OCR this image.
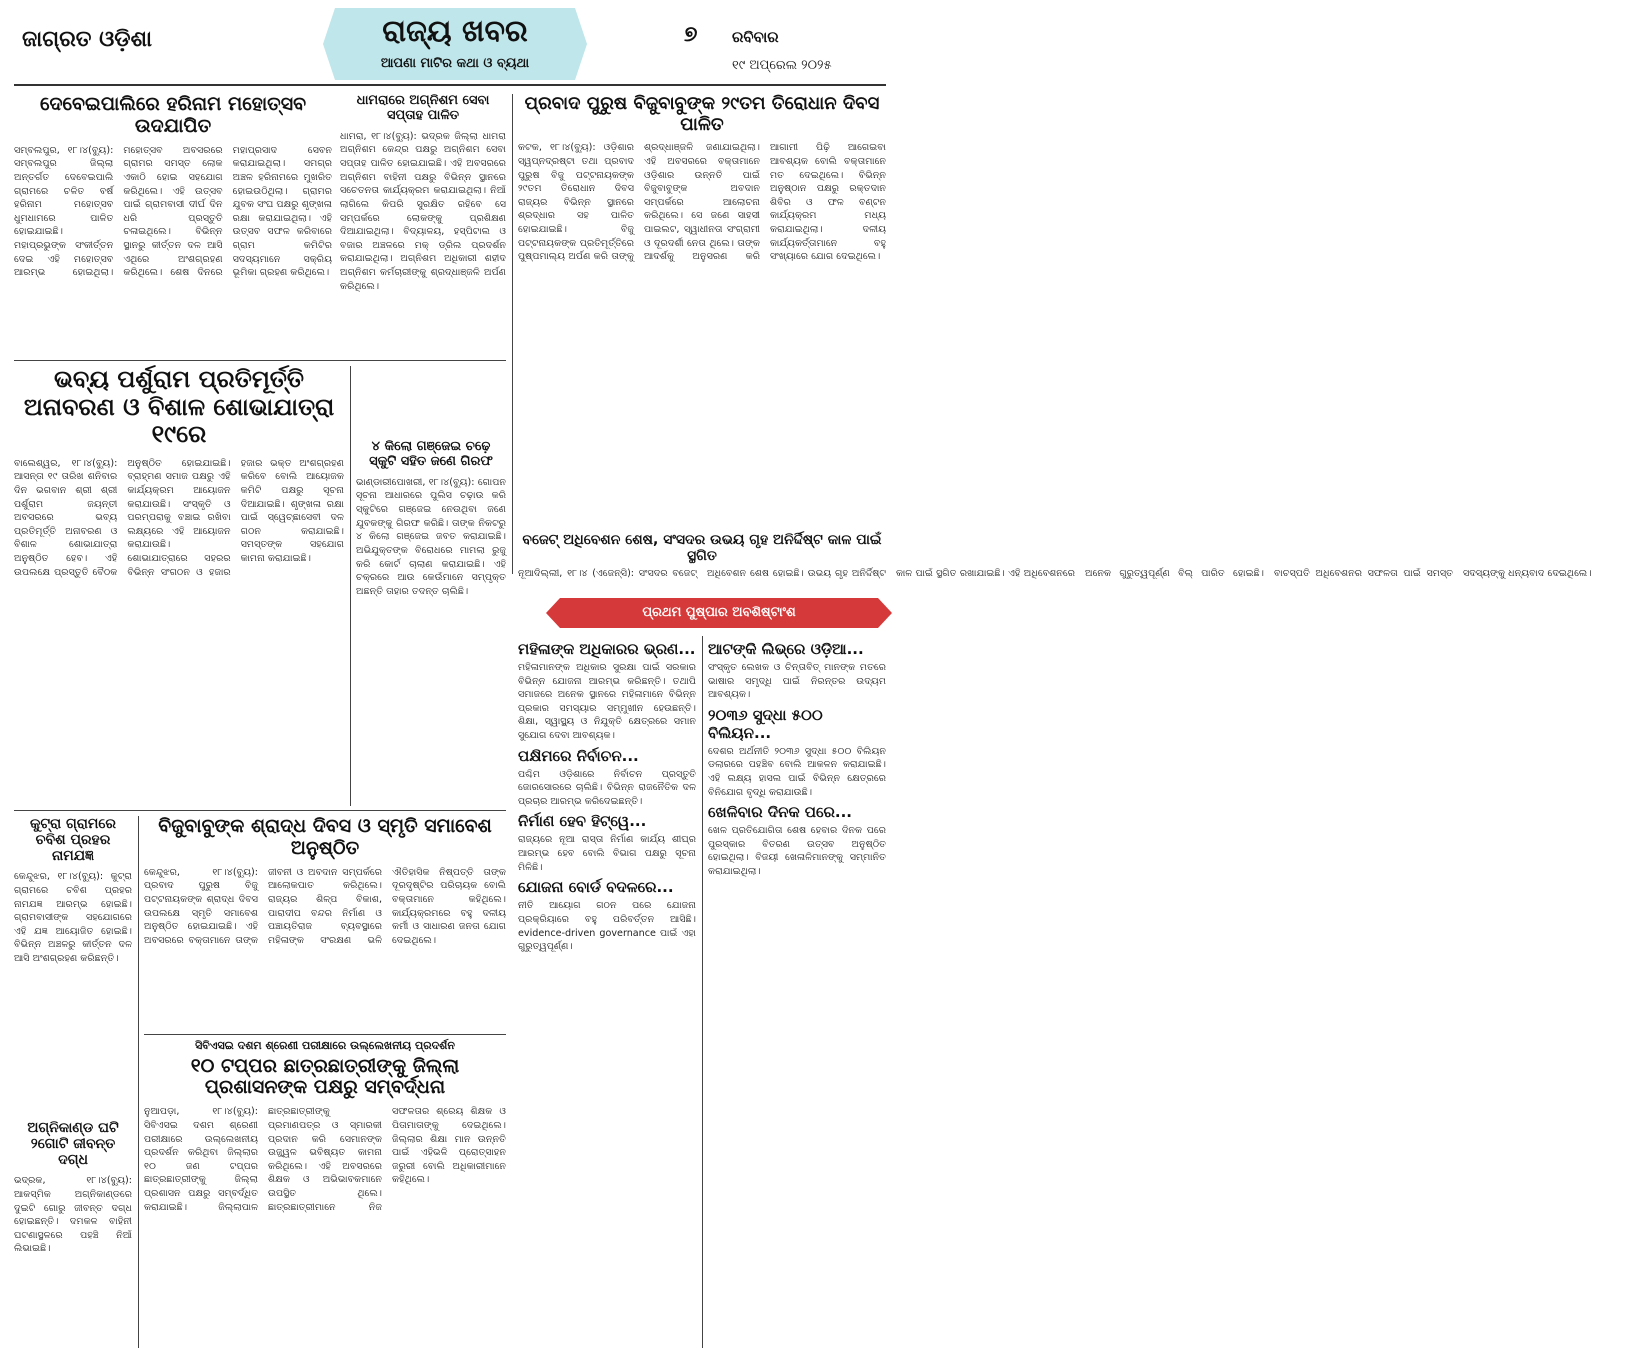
ଜାଗ୍ରତ ଓଡ଼ିଶା	ରାଜ୍ୟ ଖବର
ଆପଣା ମାଟିର କଥା ଓ ବ୍ୟଥା
୭ ରବିବାର
୧୯ ଅପ୍ରେଲ ୨୦୨୫
ଦେବେଇପାଲିରେ ହରିନାମ ମହୋତ୍ସବ ଉଦଯାପିତ
ସମ୍ବଲପୁର, ୧୮।୪(ବ୍ୟୁ): ସମ୍ବଲପୁର ଜିଲ୍ଲା ଅନ୍ତର୍ଗତ ଦେବେଇପାଲି ଗ୍ରାମରେ ଚଳିତ ବର୍ଷ ହରିନାମ ମହୋତ୍ସବ ଧୁମଧାମରେ ପାଳିତ ହୋଇଯାଇଛି। ମହାପ୍ରଭୁଙ୍କ ସଂକୀର୍ତ୍ତନ ଦେଇ ଏହି ମହୋତ୍ସବ ଆରମ୍ଭ ହୋଇଥିଲା। ମହୋତ୍ସବ ଅବସରରେ ଗ୍ରାମର ସମସ୍ତ ଲୋକ ଏକାଠି ହୋଇ ସହଯୋଗ କରିଥିଲେ। ଏହି ଉତ୍ସବ ପାଇଁ ଗ୍ରାମବାସୀ ଦୀର୍ଘ ଦିନ ଧରି ପ୍ରସ୍ତୁତି ଚଳାଇଥିଲେ। ବିଭିନ୍ନ ସ୍ଥାନରୁ କୀର୍ତ୍ତନ ଦଳ ଆସି ଏଥିରେ ଅଂଶଗ୍ରହଣ କରିଥିଲେ। ଶେଷ ଦିନରେ ମହାପ୍ରସାଦ ସେବନ କରାଯାଇଥିଲା। ସମଗ୍ର ଅଞ୍ଚଳ ହରିନାମରେ ମୁଖରିତ ହୋଇଉଠିଥିଲା। ଗ୍ରାମର ଯୁବକ ସଂଘ ପକ୍ଷରୁ ଶୃଙ୍ଖଳା ରକ୍ଷା କରାଯାଇଥିଲା। ଏହି ଉତ୍ସବ ସଫଳ କରିବାରେ ଗ୍ରାମ କମିଟିର ସଦସ୍ୟମାନେ ସକ୍ରିୟ ଭୂମିକା ଗ୍ରହଣ କରିଥିଲେ।
ଧାମରାରେ ଅଗ୍ନିଶମ ସେବା ସପ୍ତାହ ପାଳିତ
ଧାମରା, ୧୮।୪(ବ୍ୟୁ): ଭଦ୍ରକ ଜିଲ୍ଲା ଧାମରା ଅଗ୍ନିଶମ କେନ୍ଦ୍ର ପକ୍ଷରୁ ଅଗ୍ନିଶମ ସେବା ସପ୍ତାହ ପାଳିତ ହୋଇଯାଇଛି। ଏହି ଅବସରରେ ଅଗ୍ନିଶମ ବାହିନୀ ପକ୍ଷରୁ ବିଭିନ୍ନ ସ୍ଥାନରେ ସଚେତନତା କାର୍ଯ୍ୟକ୍ରମ କରାଯାଇଥିଲା। ନିଆଁ ଲାଗିଲେ କିପରି ସୁରକ୍ଷିତ ରହିବେ ସେ ସମ୍ପର୍କରେ ଲୋକଙ୍କୁ ପ୍ରଶିକ୍ଷଣ ଦିଆଯାଇଥିଲା। ବିଦ୍ୟାଳୟ, ହସ୍ପିଟାଲ ଓ ବଜାର ଅଞ୍ଚଳରେ ମକ୍ ଡ୍ରିଲ ପ୍ରଦର୍ଶନ କରାଯାଇଥିଲା। ଅଗ୍ନିଶମ ଅଧିକାରୀ ଶହୀଦ ଅଗ୍ନିଶମ କର୍ମଚାରୀଙ୍କୁ ଶ୍ରଦ୍ଧାଞ୍ଜଳି ଅର୍ପଣ କରିଥିଲେ।
ପ୍ରବାଦ ପୁରୁଷ ବିଜୁବାବୁଙ୍କ ୨୯ତମ ତିରୋଧାନ ଦିବସ ପାଳିତ
କଟକ, ୧୮।୪(ବ୍ୟୁ): ଓଡ଼ିଶାର ସ୍ୱପ୍ନଦ୍ରଷ୍ଟା ତଥା ପ୍ରବାଦ ପୁରୁଷ ବିଜୁ ପଟ୍ଟନାୟକଙ୍କ ୨୯ତମ ତିରୋଧାନ ଦିବସ ରାଜ୍ୟର ବିଭିନ୍ନ ସ୍ଥାନରେ ଶ୍ରଦ୍ଧାର ସହ ପାଳିତ ହୋଇଯାଇଛି। ବିଜୁ ପଟ୍ଟନାୟକଙ୍କ ପ୍ରତିମୂର୍ତ୍ତିରେ ପୁଷ୍ପମାଲ୍ୟ ଅର୍ପଣ କରି ତାଙ୍କୁ ଶ୍ରଦ୍ଧାଞ୍ଜଳି ଜଣାଯାଇଥିଲା। ଏହି ଅବସରରେ ବକ୍ତାମାନେ ଓଡ଼ିଶାର ଉନ୍ନତି ପାଇଁ ବିଜୁବାବୁଙ୍କ ଅବଦାନ ସମ୍ପର୍କରେ ଆଲୋଚନା କରିଥିଲେ। ସେ ଜଣେ ସାହସୀ ପାଇଲଟ, ସ୍ୱାଧୀନତା ସଂଗ୍ରାମୀ ଓ ଦୂରଦର୍ଶୀ ନେତା ଥିଲେ। ତାଙ୍କ ଆଦର୍ଶକୁ ଅନୁସରଣ କରି ଆଗାମୀ ପିଢ଼ି ଆଗେଇବା ଆବଶ୍ୟକ ବୋଲି ବକ୍ତାମାନେ ମତ ଦେଇଥିଲେ। ବିଭିନ୍ନ ଅନୁଷ୍ଠାନ ପକ୍ଷରୁ ରକ୍ତଦାନ ଶିବିର ଓ ଫଳ ବଣ୍ଟନ କାର୍ଯ୍ୟକ୍ରମ ମଧ୍ୟ କରାଯାଇଥିଲା। ଦଳୀୟ କାର୍ଯ୍ୟକର୍ତ୍ତାମାନେ ବହୁ ସଂଖ୍ୟାରେ ଯୋଗ ଦେଇଥିଲେ।
ଭବ୍ୟ ପର୍ଶୁରାମ ପ୍ରତିମୂର୍ତ୍ତି ଅନାବରଣ ଓ ବିଶାଳ ଶୋଭାଯାତ୍ରା ୧୯ରେ
ବାଲେଶ୍ୱର, ୧୮।୪(ବ୍ୟୁ): ଆସନ୍ତା ୧୯ ତାରିଖ ଶନିବାର ଦିନ ଭଗବାନ ଶ୍ରୀ ଶ୍ରୀ ପର୍ଶୁରାମ ଜୟନ୍ତୀ ଅବସରରେ ଭବ୍ୟ ପ୍ରତିମୂର୍ତ୍ତି ଅନାବରଣ ଓ ବିଶାଳ ଶୋଭାଯାତ୍ରା ଅନୁଷ୍ଠିତ ହେବ। ଏହି ଉପଲକ୍ଷେ ପ୍ରସ୍ତୁତି ବୈଠକ ଅନୁଷ୍ଠିତ ହୋଇଯାଇଛି। ବ୍ରାହ୍ମଣ ସମାଜ ପକ୍ଷରୁ ଏହି କାର୍ଯ୍ୟକ୍ରମ ଆୟୋଜନ କରାଯାଉଛି। ସଂସ୍କୃତି ଓ ପରମ୍ପରାକୁ ବଞ୍ଚାଇ ରଖିବା ଲକ୍ଷ୍ୟରେ ଏହି ଆୟୋଜନ କରାଯାଉଛି। ଶୋଭାଯାତ୍ରାରେ ସହରର ବିଭିନ୍ନ ସଂଗଠନ ଓ ହଜାର ହଜାର ଭକ୍ତ ଅଂଶଗ୍ରହଣ କରିବେ ବୋଲି ଆୟୋଜକ କମିଟି ପକ୍ଷରୁ ସୂଚନା ଦିଆଯାଇଛି। ଶୃଙ୍ଖଳା ରକ୍ଷା ପାଇଁ ସ୍ୱେଚ୍ଛାସେବୀ ଦଳ ଗଠନ କରାଯାଇଛି। ସମସ୍ତଙ୍କ ସହଯୋଗ କାମନା କରାଯାଇଛି।
୪ କିଲୋ ଗଞ୍ଜେଇ ଚଢ଼େ ସ୍କୁଟି ସହିତ ଜଣେ ଗିରଫ
ଭାଣ୍ଡାରୀପୋଖରୀ, ୧୮।୪(ବ୍ୟୁ): ଗୋପନ ସୂଚନା ଆଧାରରେ ପୁଲିସ ଚଢ଼ାଉ କରି ସ୍କୁଟିରେ ଗଞ୍ଜେଇ ନେଉଥିବା ଜଣେ ଯୁବକଙ୍କୁ ଗିରଫ କରିଛି। ତାଙ୍କ ନିକଟରୁ ୪ କିଲୋ ଗଞ୍ଜେଇ ଜବତ କରାଯାଇଛି। ଅଭିଯୁକ୍ତଙ୍କ ବିରୋଧରେ ମାମଲା ରୁଜୁ କରି କୋର୍ଟ ଚାଲାଣ କରାଯାଇଛି। ଏହି ଚକ୍ରରେ ଆଉ କେଉଁମାନେ ସମ୍ପୃକ୍ତ ଅଛନ୍ତି ତାହାର ତଦନ୍ତ ଚାଲିଛି।
ବଜେଟ୍ ଅଧିବେଶନ ଶେଷ, ସଂସଦର ଉଭୟ ଗୃହ ଅନିର୍ଦ୍ଦିଷ୍ଟ କାଳ ପାଇଁ ସ୍ଥଗିତ
ନୂଆଦିଲ୍ଲୀ, ୧୮।୪ (ଏଜେନ୍ସି): ସଂସଦର ବଜେଟ୍ ଅଧିବେଶନ ଶେଷ ହୋଇଛି। ଉଭୟ ଗୃହ ଅନିର୍ଦ୍ଦିଷ୍ଟ କାଳ ପାଇଁ ସ୍ଥଗିତ ରଖାଯାଇଛି। ଏହି ଅଧିବେଶନରେ ଅନେକ ଗୁରୁତ୍ୱପୂର୍ଣ୍ଣ ବିଲ୍ ପାରିତ ହୋଇଛି। ବାଚସ୍ପତି ଅଧିବେଶନର ସଫଳତା ପାଇଁ ସମସ୍ତ ସଦସ୍ୟଙ୍କୁ ଧନ୍ୟବାଦ ଦେଇଥିଲେ।
ପ୍ରଥମ ପୁଷ୍ପାର ଅବଶିଷ୍ଟାଂଶ
ମହିଳାଙ୍କ ଅଧିକାରର ଭ୍ରଣ...
ମହିଳାମାନଙ୍କ ଅଧିକାର ସୁରକ୍ଷା ପାଇଁ ସରକାର ବିଭିନ୍ନ ଯୋଜନା ଆରମ୍ଭ କରିଛନ୍ତି। ତଥାପି ସମାଜରେ ଅନେକ ସ୍ଥାନରେ ମହିଳାମାନେ ବିଭିନ୍ନ ପ୍ରକାର ସମସ୍ୟାର ସମ୍ମୁଖୀନ ହେଉଛନ୍ତି। ଶିକ୍ଷା, ସ୍ୱାସ୍ଥ୍ୟ ଓ ନିଯୁକ୍ତି କ୍ଷେତ୍ରରେ ସମାନ ସୁଯୋଗ ଦେବା ଆବଶ୍ୟକ।
ପକ୍ଷିମରେ ନିର୍ବାଚନ...
ପଶ୍ଚିମ ଓଡ଼ିଶାରେ ନିର୍ବାଚନ ପ୍ରସ୍ତୁତି ଜୋରସୋରରେ ଚାଲିଛି। ବିଭିନ୍ନ ରାଜନୈତିକ ଦଳ ପ୍ରଚାର ଆରମ୍ଭ କରିଦେଇଛନ୍ତି।
ନିର୍ମାଣ ହେବ ହିଟ୍‌ୱେ...
ରାଜ୍ୟରେ ନୂଆ ରାସ୍ତା ନିର୍ମାଣ କାର୍ଯ୍ୟ ଶୀଘ୍ର ଆରମ୍ଭ ହେବ ବୋଲି ବିଭାଗ ପକ୍ଷରୁ ସୂଚନା ମିଳିଛି।
ଯୋଜନା ବୋର୍ଡ ବଦଳରେ...
ନୀତି ଆୟୋଗ ଗଠନ ପରେ ଯୋଜନା ପ୍ରକ୍ରିୟାରେ ବହୁ ପରିବର୍ତ୍ତନ ଆସିଛି। evidence-driven governance ପାଇଁ ଏହା ଗୁରୁତ୍ୱପୂର୍ଣ୍ଣ।
ଆଟଙ୍କି ଲିଭ୍‌ରେ ଓଡ଼ିଆ...
ସଂସ୍କୃତ ଲେଖକ ଓ ଚିନ୍ତାବିତ୍ ମାନଙ୍କ ମତରେ ଭାଷାର ସମୃଦ୍ଧି ପାଇଁ ନିରନ୍ତର ଉଦ୍ୟମ ଆବଶ୍ୟକ।
୨୦୩୬ ସୁଦ୍ଧା ୫୦୦ ବିଲିୟନ...
ଦେଶର ଅର୍ଥନୀତି ୨୦୩୬ ସୁଦ୍ଧା ୫୦୦ ବିଲିୟନ ଡଲାରରେ ପହଞ୍ଚିବ ବୋଲି ଆକଳନ କରାଯାଇଛି। ଏହି ଲକ୍ଷ୍ୟ ହାସଲ ପାଇଁ ବିଭିନ୍ନ କ୍ଷେତ୍ରରେ ବିନିଯୋଗ ବୃଦ୍ଧି କରାଯାଉଛି।
ଖେଳିବାର ଦିନକ ପରେ...
ଖେଳ ପ୍ରତିଯୋଗିତା ଶେଷ ହେବାର ଦିନକ ପରେ ପୁରସ୍କାର ବିତରଣ ଉତ୍ସବ ଅନୁଷ୍ଠିତ ହୋଇଥିଲା। ବିଜୟୀ ଖେଳାଳିମାନଙ୍କୁ ସମ୍ମାନିତ କରାଯାଇଥିଲା।
କୁଟ୍ରା ଗ୍ରାମରେ ଚବିଶ ପ୍ରହର ନାମଯଜ୍ଞ
କେନ୍ଦୁଝର, ୧୮।୪(ବ୍ୟୁ): କୁଟ୍ରା ଗ୍ରାମରେ ଚବିଶ ପ୍ରହର ନାମଯଜ୍ଞ ଆରମ୍ଭ ହୋଇଛି। ଗ୍ରାମବାସୀଙ୍କ ସହଯୋଗରେ ଏହି ଯଜ୍ଞ ଆୟୋଜିତ ହୋଇଛି। ବିଭିନ୍ନ ଅଞ୍ଚଳରୁ କୀର୍ତ୍ତନ ଦଳ ଆସି ଅଂଶଗ୍ରହଣ କରିଛନ୍ତି।
ଅଗ୍ନିକାଣ୍ଡ ଘଟି ୨ଗୋଟି ଜୀବନ୍ତ ଦଗ୍ଧ
ଭଦ୍ରକ, ୧୮।୪(ବ୍ୟୁ): ଆକସ୍ମିକ ଅଗ୍ନିକାଣ୍ଡରେ ଦୁଇଟି ଗୋରୁ ଜୀବନ୍ତ ଦଗ୍ଧ ହୋଇଛନ୍ତି। ଦମକଳ ବାହିନୀ ଘଟଣାସ୍ଥଳରେ ପହଞ୍ଚି ନିଆଁ ଲିଭାଇଛି।
ବିଜୁବାବୁଙ୍କ ଶ୍ରାଦ୍ଧ ଦିବସ ଓ ସ୍ମୃତି ସମାବେଶ ଅନୁଷ୍ଠିତ
କେନ୍ଦୁଝର, ୧୮।୪(ବ୍ୟୁ): ପ୍ରବାଦ ପୁରୁଷ ବିଜୁ ପଟ୍ଟନାୟକଙ୍କ ଶ୍ରାଦ୍ଧ ଦିବସ ଉପଲକ୍ଷେ ସ୍ମୃତି ସମାବେଶ ଅନୁଷ୍ଠିତ ହୋଇଯାଇଛି। ଏହି ଅବସରରେ ବକ୍ତାମାନେ ତାଙ୍କ ଜୀବନୀ ଓ ଅବଦାନ ସମ୍ପର୍କରେ ଆଲୋକପାତ କରିଥିଲେ। ରାଜ୍ୟର ଶିଳ୍ପ ବିକାଶ, ପାରାଦୀପ ବନ୍ଦର ନିର୍ମାଣ ଓ ପଞ୍ଚାୟତିରାଜ ବ୍ୟବସ୍ଥାରେ ମହିଳାଙ୍କ ସଂରକ୍ଷଣ ଭଳି ଐତିହାସିକ ନିଷ୍ପତ୍ତି ତାଙ୍କ ଦୂରଦୃଷ୍ଟିର ପରିଚାୟକ ବୋଲି ବକ୍ତାମାନେ କହିଥିଲେ। କାର୍ଯ୍ୟକ୍ରମରେ ବହୁ ଦଳୀୟ କର୍ମୀ ଓ ସାଧାରଣ ଜନତା ଯୋଗ ଦେଇଥିଲେ।
ସିବିଏସଇ ଦଶମ ଶ୍ରେଣୀ ପରୀକ୍ଷାରେ ଉଲ୍ଲେଖନୀୟ ପ୍ରଦର୍ଶନ
୧୦ ଟପ୍ପର ଛାତ୍ରଛାତ୍ରୀଙ୍କୁ ଜିଲ୍ଲା ପ୍ରଶାସନଙ୍କ ପକ୍ଷରୁ ସମ୍ବର୍ଦ୍ଧନା
ନୁଆପଡ଼ା, ୧୮।୪(ବ୍ୟୁ): ସିବିଏସଇ ଦଶମ ଶ୍ରେଣୀ ପରୀକ୍ଷାରେ ଉଲ୍ଲେଖନୀୟ ପ୍ରଦର୍ଶନ କରିଥିବା ଜିଲ୍ଲାର ୧୦ ଜଣ ଟପ୍ପର ଛାତ୍ରଛାତ୍ରୀଙ୍କୁ ଜିଲ୍ଲା ପ୍ରଶାସନ ପକ୍ଷରୁ ସମ୍ବର୍ଦ୍ଧିତ କରାଯାଇଛି। ଜିଲ୍ଲାପାଳ ଛାତ୍ରଛାତ୍ରୀଙ୍କୁ ପ୍ରମାଣପତ୍ର ଓ ସ୍ମାରକୀ ପ୍ରଦାନ କରି ସେମାନଙ୍କ ଉଜ୍ଜ୍ୱଳ ଭବିଷ୍ୟତ କାମନା କରିଥିଲେ। ଏହି ଅବସରରେ ଶିକ୍ଷକ ଓ ଅଭିଭାବକମାନେ ଉପସ୍ଥିତ ଥିଲେ। ଛାତ୍ରଛାତ୍ରୀମାନେ ନିଜ ସଫଳତାର ଶ୍ରେୟ ଶିକ୍ଷକ ଓ ପିତାମାତାଙ୍କୁ ଦେଇଥିଲେ। ଜିଲ୍ଲାର ଶିକ୍ଷା ମାନ ଉନ୍ନତି ପାଇଁ ଏହିଭଳି ପ୍ରୋତ୍ସାହନ ଜରୁରୀ ବୋଲି ଅଧିକାରୀମାନେ କହିଥିଲେ।
